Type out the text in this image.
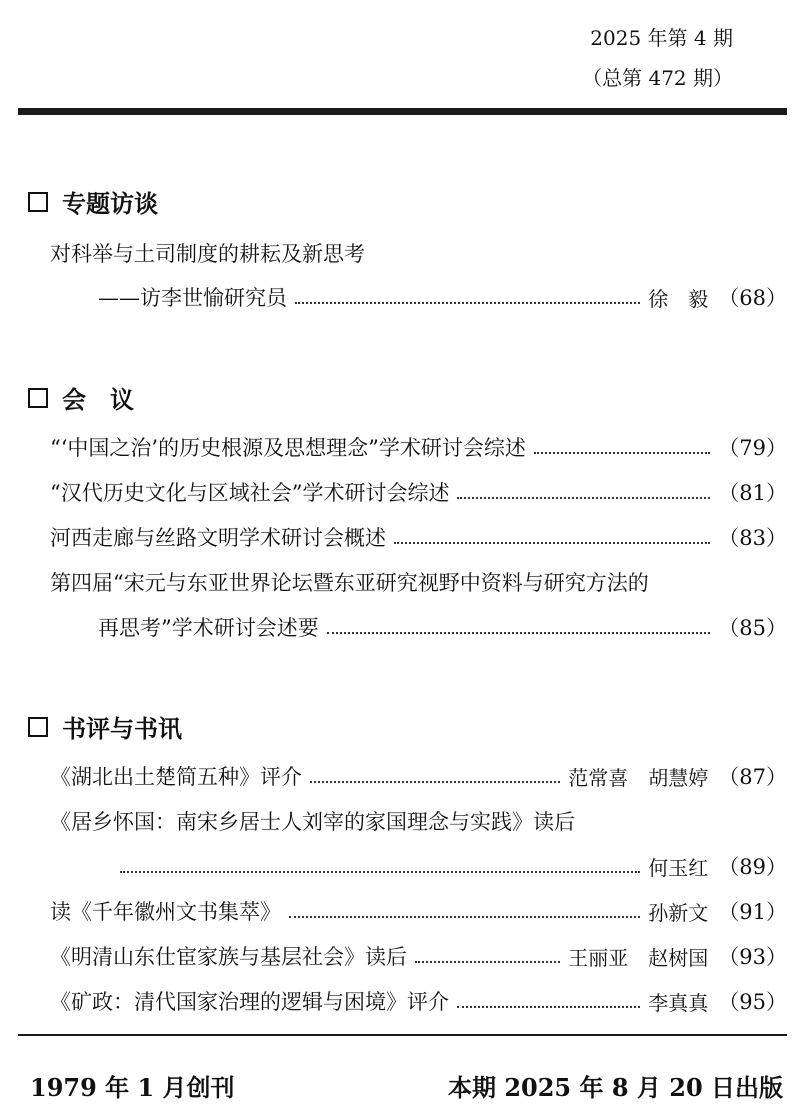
2025 年第 4 期
（总第 472 期）
专题访谈
对科举与土司制度的耕耘及新思考
——访李世愉研究员	徐　毅 （68）
会　议
“‘中国之治’的历史根源及思想理念”学术研讨会综述	（79）
“汉代历史文化与区域社会”学术研讨会综述	（81）
河西走廊与丝路文明学术研讨会概述	（83）
第四届“宋元与东亚世界论坛暨东亚研究视野中资料与研究方法的
再思考”学术研讨会述要	（85）
书评与书讯
《湖北出土楚简五种》评介	范常喜　胡慧婷 （87）
《居乡怀国：南宋乡居士人刘宰的家国理念与实践》读后
何玉红 （89）
读《千年徽州文书集萃》	孙新文 （91）
《明清山东仕宦家族与基层社会》读后	王丽亚　赵树国 （93）
《矿政：清代国家治理的逻辑与困境》评介	李真真 （95）
1979 年 1 月创刊	本期 2025 年 8 月 20 日出版
